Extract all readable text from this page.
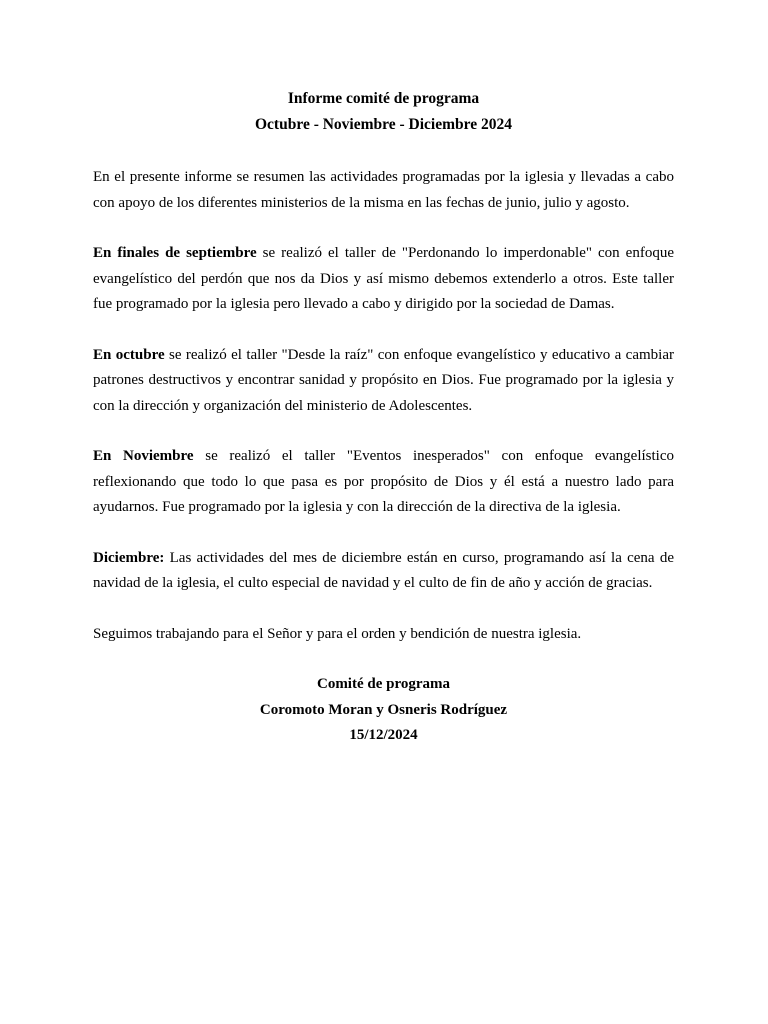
Informe comité de programa

Octubre - Noviembre - Diciembre 2024

En el presente informe se resumen las actividades programadas por la iglesia y llevadas a cabo con apoyo de los diferentes ministerios de la misma en las fechas de junio, julio y agosto.

En finales de septiembre se realizó el taller de "Perdonando lo imperdonable" con enfoque evangelístico del perdón que nos da Dios y así mismo debemos extenderlo a otros. Este taller fue programado por la iglesia pero llevado a cabo y dirigido por la sociedad de Damas.

En octubre se realizó el taller "Desde la raíz" con enfoque evangelístico y educativo a cambiar patrones destructivos y encontrar sanidad y propósito en Dios. Fue programado por la iglesia y con la dirección y organización del ministerio de Adolescentes.

En Noviembre se realizó el taller "Eventos inesperados" con enfoque evangelístico reflexionando que todo lo que pasa es por propósito de Dios y él está a nuestro lado para ayudarnos. Fue programado por la iglesia y con la dirección de la directiva de la iglesia.

Diciembre: Las actividades del mes de diciembre están en curso, programando así la cena de navidad de la iglesia, el culto especial de navidad y el culto de fin de año y acción de gracias.

Seguimos trabajando para el Señor y para el orden y bendición de nuestra iglesia.

Comité de programa

Coromoto Moran y Osneris Rodríguez

15/12/2024
